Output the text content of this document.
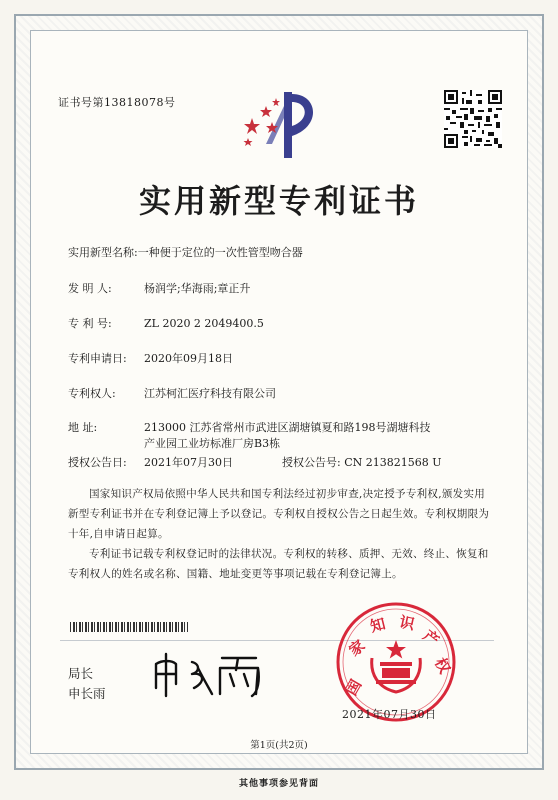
证书号第13818078号
实用新型专利证书
实用新型名称:一种便于定位的一次性管型吻合器
发 明 人:	杨润学;华海雨;章正升
专 利 号:	ZL 2020 2 2049400.5
专利申请日: 2020年09月18日
专利权人:	江苏柯汇医疗科技有限公司
地 址:	213000 江苏省常州市武进区湖塘镇夏和路198号湖塘科技
产业园工业坊标准厂房B3栋
授权公告日: 2021年07月30日	授权公告号: CN 213821568 U

国家知识产权局依照中华人民共和国专利法经过初步审查,决定授予专利权,颁发实用新型专利证书并在专利登记簿上予以登记。专利权自授权公告之日起生效。专利权期限为十年,自申请日起算。

专利证书记载专利权登记时的法律状况。专利权的转移、质押、无效、终止、恢复和专利权人的姓名或名称、国籍、地址变更等事项记载在专利登记簿上。

局长
申长雨	国
家
知 识
产
权
2021年07月30日
第1页(共2页)
其他事项参见背面
